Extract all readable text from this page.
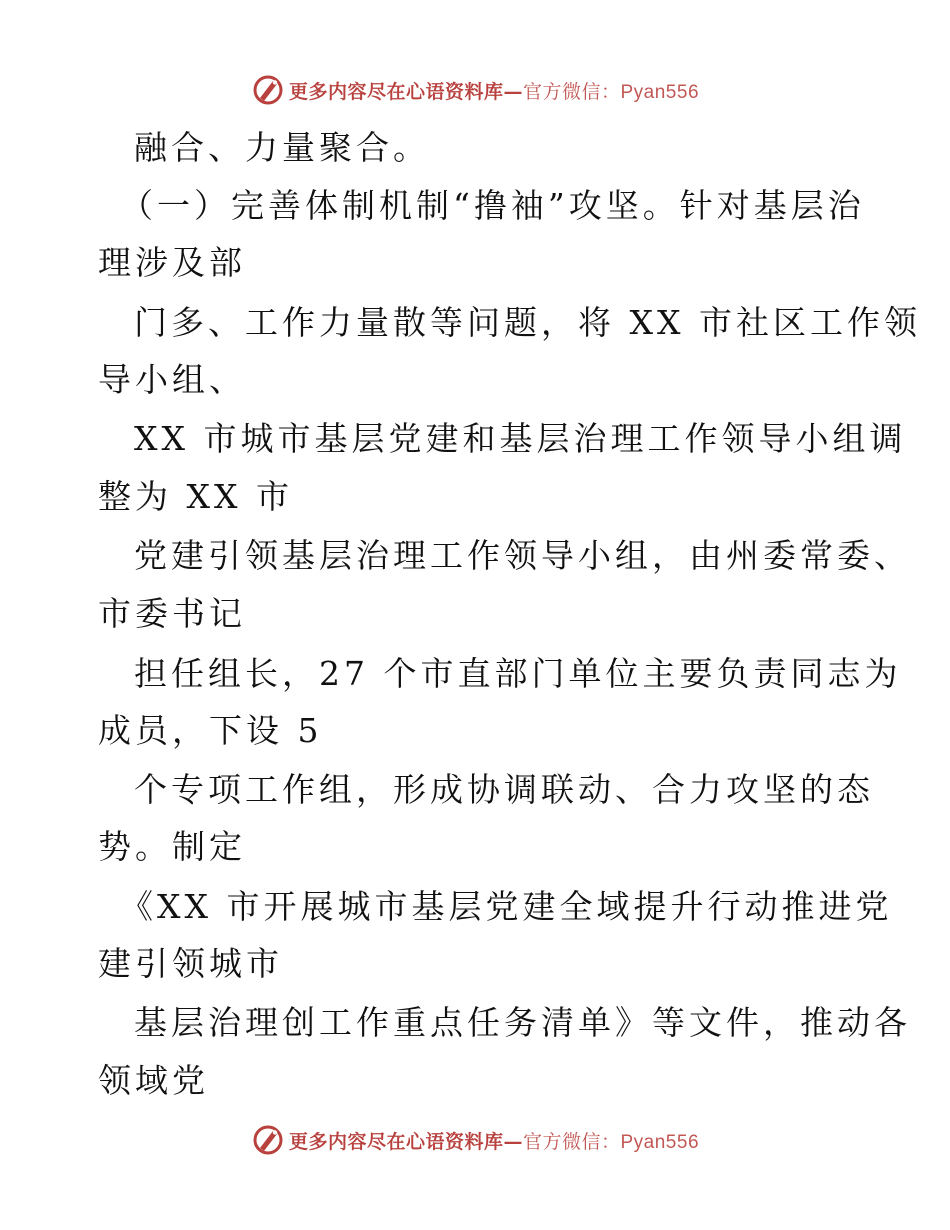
更多内容尽在心语资料库—官方微信：Pyan556
融合、力量聚合。
（一）完善体制机制“撸袖”攻坚。针对基层治
理涉及部
门多、工作力量散等问题，将 XX 市社区工作领
导小组、
XX 市城市基层党建和基层治理工作领导小组调
整为 XX 市
党建引领基层治理工作领导小组，由州委常委、
市委书记
担任组长，27 个市直部门单位主要负责同志为
成员，下设 5
个专项工作组，形成协调联动、合力攻坚的态
势。制定
《XX 市开展城市基层党建全域提升行动推进党
建引领城市
基层治理创工作重点任务清单》等文件，推动各
领域党
更多内容尽在心语资料库—官方微信：Pyan556
